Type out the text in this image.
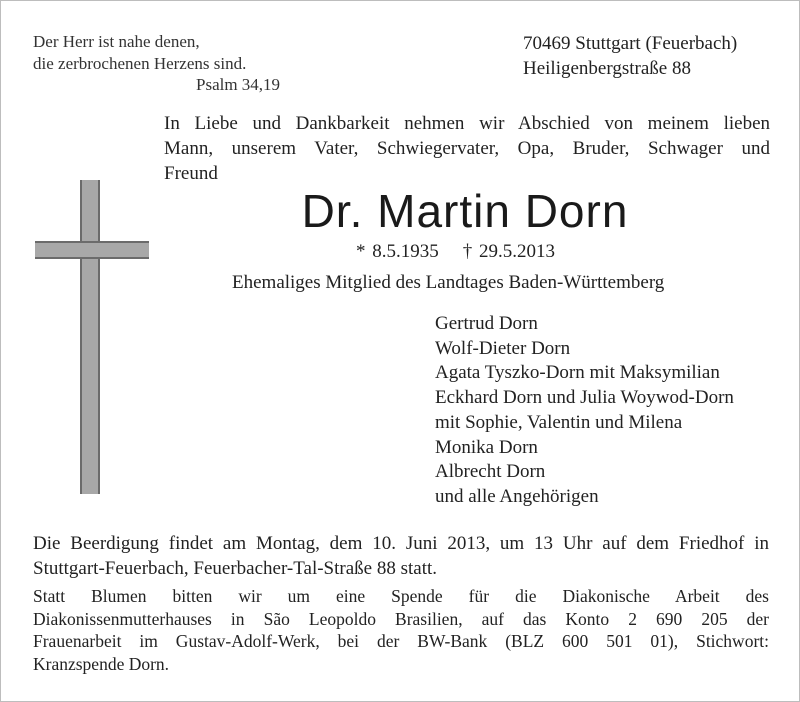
Der Herr ist nahe denen,
die zerbrochenen Herzens sind.
Psalm 34,19
70469 Stuttgart (Feuerbach)
Heiligenbergstraße 88
In Liebe und Dankbarkeit nehmen wir Abschied von meinem lieben
Mann, unserem Vater, Schwiegervater, Opa, Bruder, Schwager und
Freund
Dr. Martin Dorn
* 8.5.1935 † 29.5.2013
Ehemaliges Mitglied des Landtages Baden-Württemberg
Gertrud Dorn
Wolf-Dieter Dorn
Agata Tyszko-Dorn mit Maksymilian
Eckhard Dorn und Julia Woywod-Dorn
mit Sophie, Valentin und Milena
Monika Dorn
Albrecht Dorn
und alle Angehörigen
Die Beerdigung findet am Montag, dem 10. Juni 2013, um 13 Uhr auf dem Friedhof in
Stuttgart-Feuerbach, Feuerbacher-Tal-Straße 88 statt.
Statt Blumen bitten wir um eine Spende für die Diakonische Arbeit des
Diakonissenmutterhauses in São Leopoldo Brasilien, auf das Konto 2 690 205 der
Frauenarbeit im Gustav-Adolf-Werk, bei der BW-Bank (BLZ 600 501 01), Stichwort:
Kranzspende Dorn.
